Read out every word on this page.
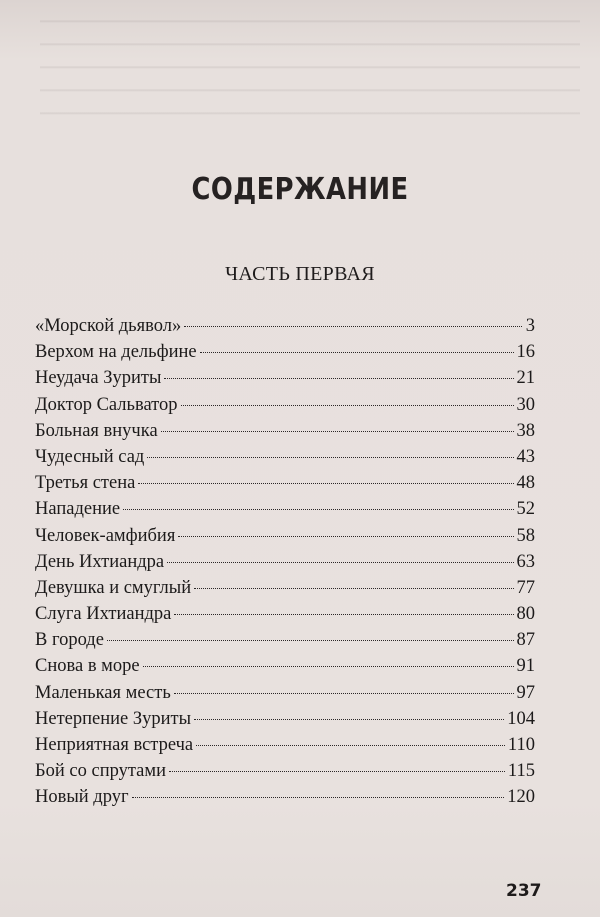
СОДЕРЖАНИЕ
ЧАСТЬ ПЕРВАЯ
«Морской дьявол»	3
Верхом на дельфине	16
Неудача Зуриты	21
Доктор Сальватор	30
Больная внучка	38
Чудесный сад	43
Третья стена	48
Нападение	52
Человек-амфибия	58
День Ихтиандра	63
Девушка и смуглый	77
Слуга Ихтиандра	80
В городе	87
Снова в море	91
Маленькая месть	97
Нетерпение Зуриты	104
Неприятная встреча	110
Бой со спрутами	115
Новый друг	120
237
